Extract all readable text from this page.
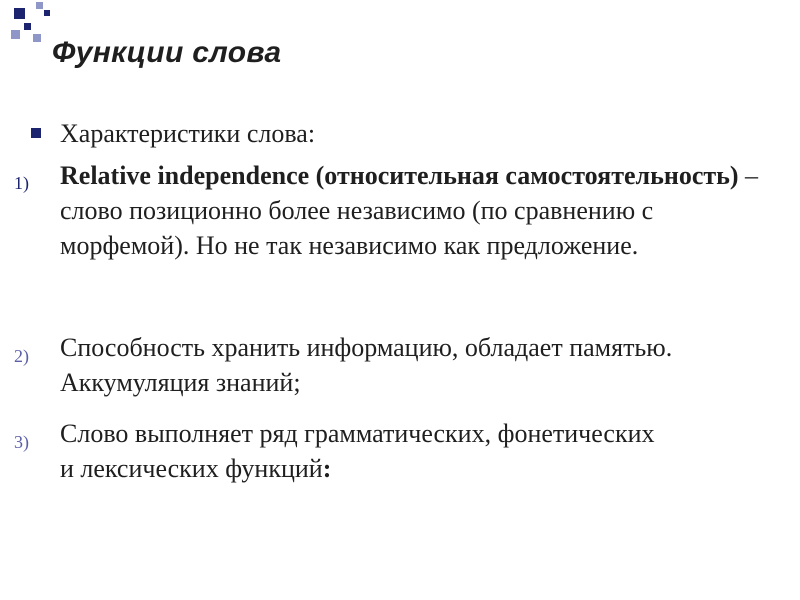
Функции слова
Характеристики слова:
1)	Relative independence (относительная самостоятельность) – слово позиционно более независимо (по сравнению с морфемой). Но не так независимо как предложение.
2)	Способность хранить информацию, обладает памятью. Аккумуляция знаний;
3)	Слово выполняет ряд грамматических, фонетических и лексических функций:
